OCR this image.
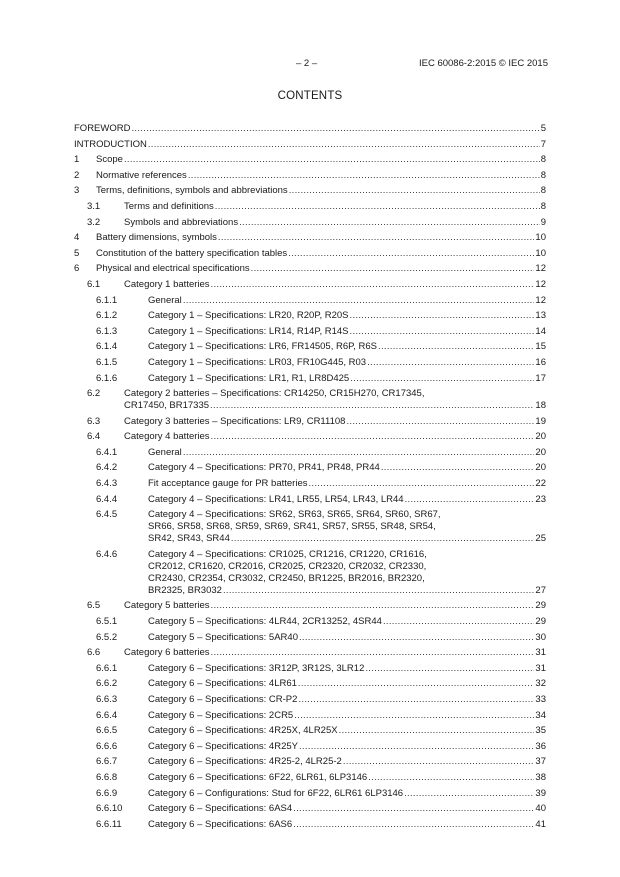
– 2 –	IEC 60086-2:2015 © IEC 2015
CONTENTS
FOREWORD .....	5
INTRODUCTION .....	7
1 Scope .....	8
2 Normative references .....	8
3 Terms, definitions, symbols and abbreviations .....	8
3.1	Terms and definitions .....	8
3.2	Symbols and abbreviations .....	9
4 Battery dimensions, symbols .....	10
5 Constitution of the battery specification tables .....	10
6 Physical and electrical specifications .....	12
6.1	Category 1 batteries .....	12
6.1.1	General .....	12
6.1.2	Category 1 – Specifications: LR20, R20P, R20S .....	13
6.1.3	Category 1 – Specifications: LR14, R14P, R14S .....	14
6.1.4	Category 1 – Specifications: LR6, FR14505, R6P, R6S .....	15
6.1.5	Category 1 – Specifications: LR03, FR10G445, R03 .....	16
6.1.6	Category 1 – Specifications: LR1, R1, LR8D425 .....	17
6.2	Category 2 batteries – Specifications: CR14250, CR15H270, CR17345,
CR17450, BR17335 .....	18
6.3	Category 3 batteries – Specifications: LR9, CR11108 .....	19
6.4	Category 4 batteries .....	20
6.4.1	General .....	20
6.4.2	Category 4 – Specifications: PR70, PR41, PR48, PR44 .....	20
6.4.3	Fit acceptance gauge for PR batteries .....	22
6.4.4	Category 4 – Specifications: LR41, LR55, LR54, LR43, LR44 .....	23
6.4.5	Category 4 – Specifications: SR62, SR63, SR65, SR64, SR60, SR67,
SR66, SR58, SR68, SR59, SR69, SR41, SR57, SR55, SR48, SR54,
SR42, SR43, SR44 .....	25
6.4.6	Category 4 – Specifications: CR1025, CR1216, CR1220, CR1616,
CR2012, CR1620, CR2016, CR2025, CR2320, CR2032, CR2330,
CR2430, CR2354, CR3032, CR2450, BR1225, BR2016, BR2320,
BR2325, BR3032 .....	27
6.5	Category 5 batteries .....	29
6.5.1	Category 5 – Specifications: 4LR44, 2CR13252, 4SR44 .....	29
6.5.2	Category 5 – Specifications: 5AR40 .....	30
6.6	Category 6 batteries .....	31
6.6.1	Category 6 – Specifications: 3R12P, 3R12S, 3LR12 .....	31
6.6.2	Category 6 – Specifications: 4LR61 .....	32
6.6.3	Category 6 – Specifications: CR-P2 .....	33
6.6.4	Category 6 – Specifications: 2CR5 .....	34
6.6.5	Category 6 – Specifications: 4R25X, 4LR25X .....	35
6.6.6	Category 6 – Specifications: 4R25Y .....	36
6.6.7	Category 6 – Specifications: 4R25-2, 4LR25-2 .....	37
6.6.8	Category 6 – Specifications: 6F22, 6LR61, 6LP3146 .....	38
6.6.9	Category 6 – Configurations: Stud for 6F22, 6LR61 6LP3146 .....	39
6.6.10	Category 6 – Specifications: 6AS4 .....	40
6.6.11	Category 6 – Specifications: 6AS6 .....	41
